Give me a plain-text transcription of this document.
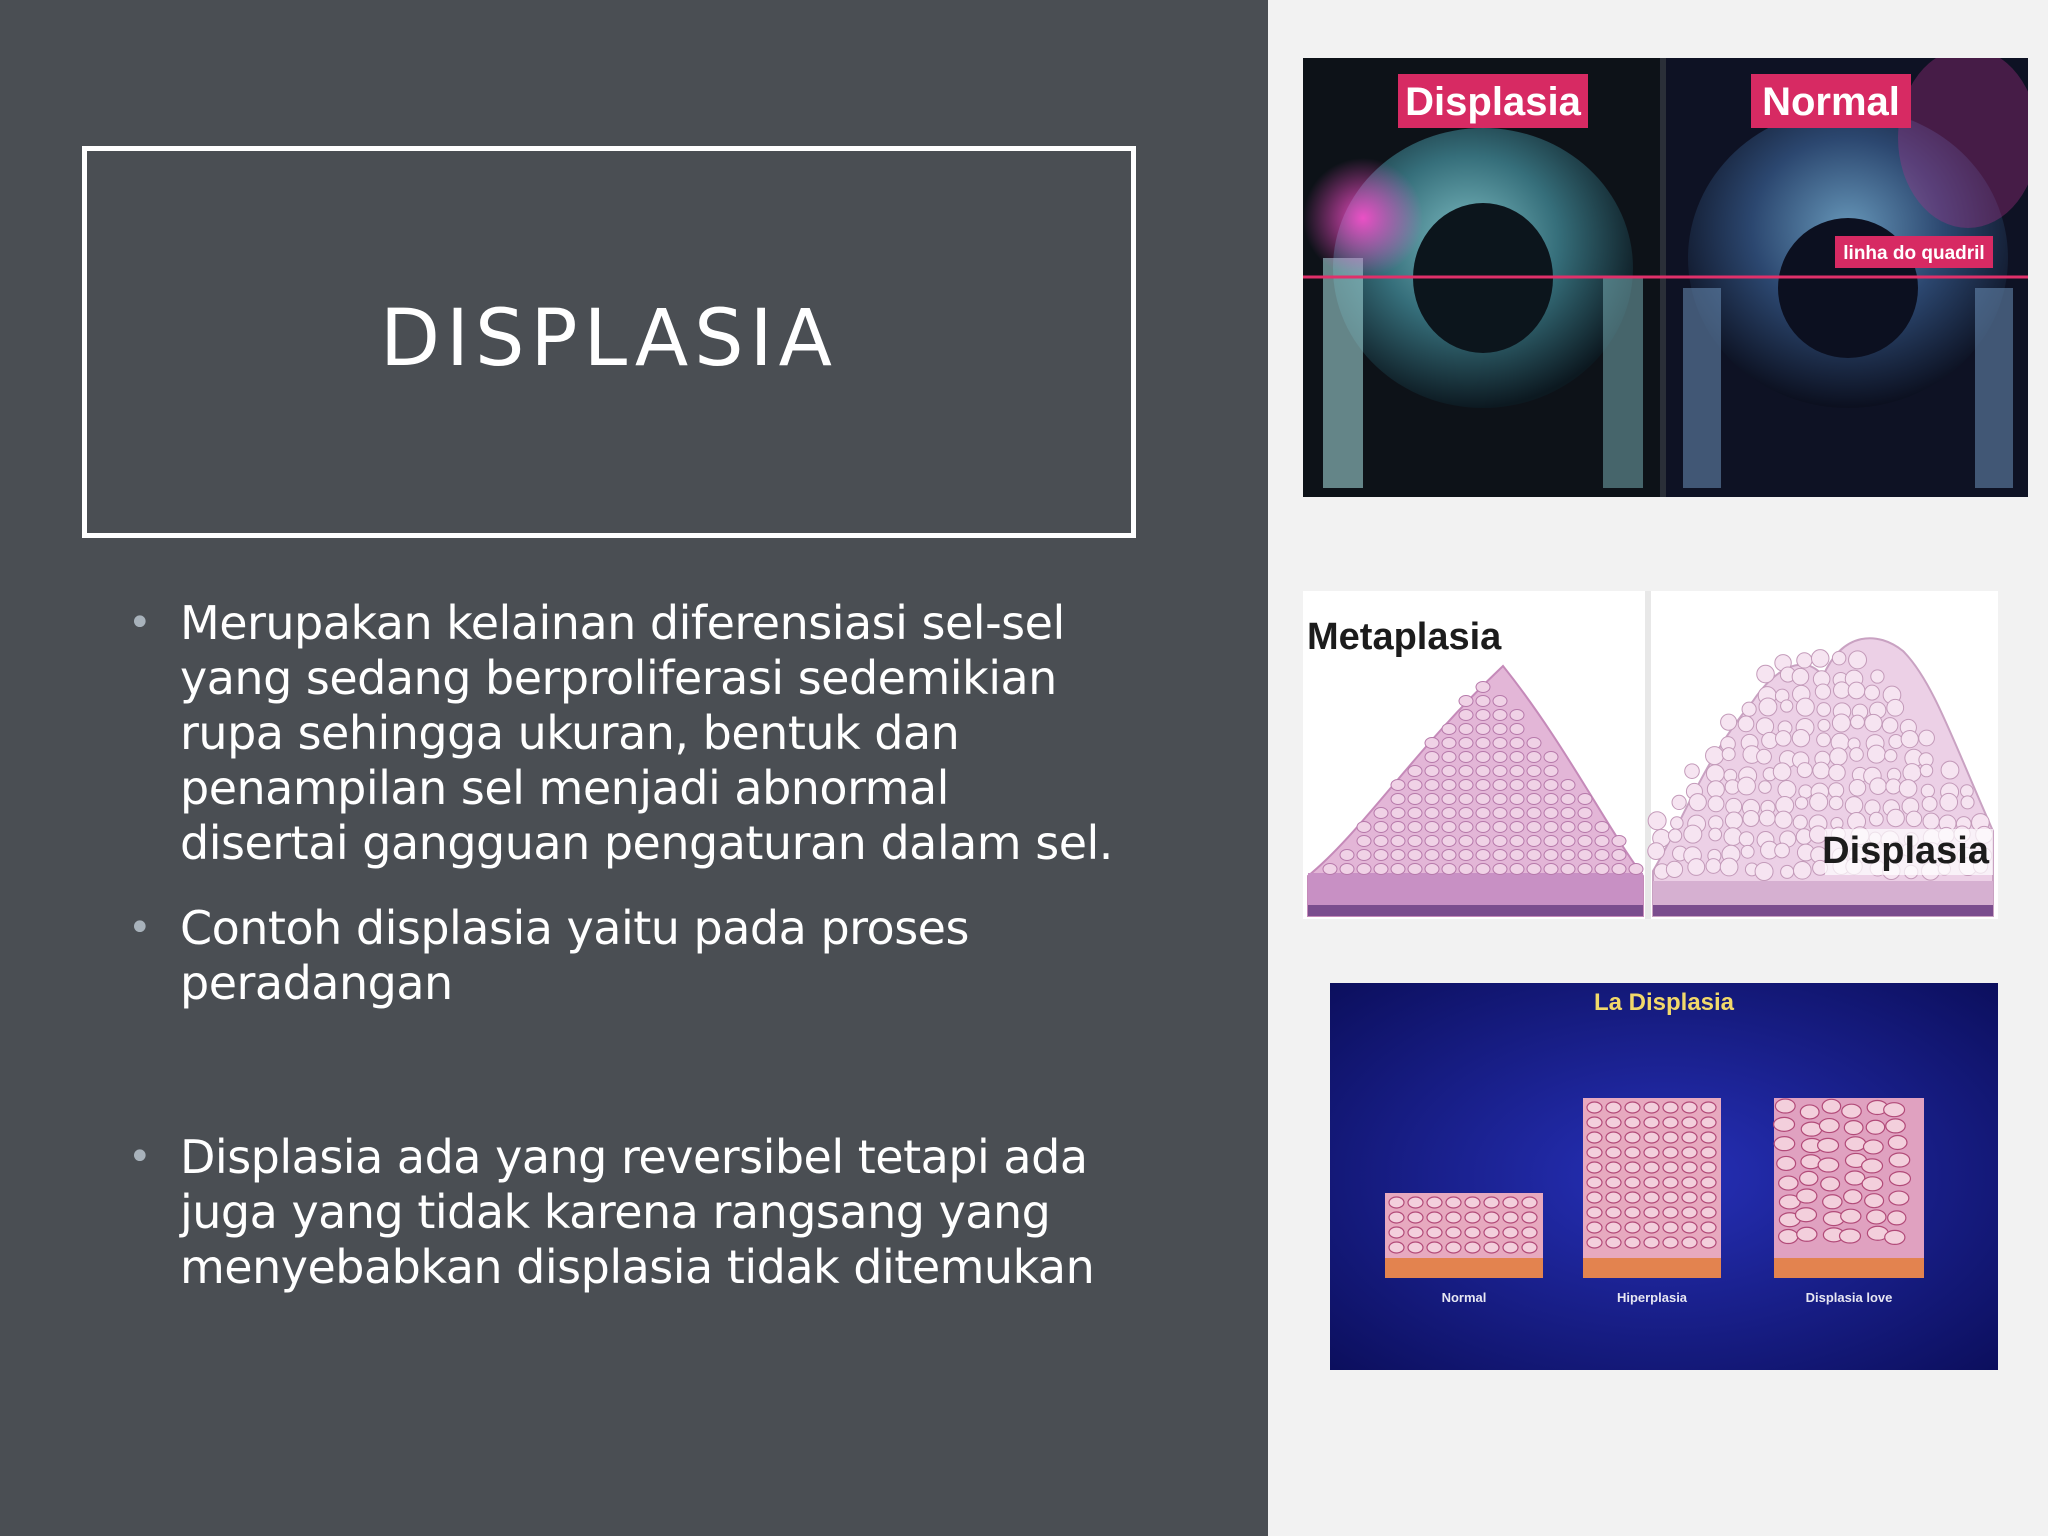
DISPLASIA
• Merupakan kelainan diferensiasi sel-sel yang sedang berproliferasi sedemikian rupa sehingga ukuran, bentuk dan penampilan sel menjadi abnormal disertai gangguan pengaturan dalam sel.
• Contoh displasia yaitu pada proses peradangan
• Displasia ada yang reversibel tetapi ada juga yang tidak karena rangsang yang menyebabkan displasia tidak ditemukan
Displasia	Normal
linha do quadril
Metaplasia
Displasia
La Displasia
Normal	Hiperplasia	Displasia love
